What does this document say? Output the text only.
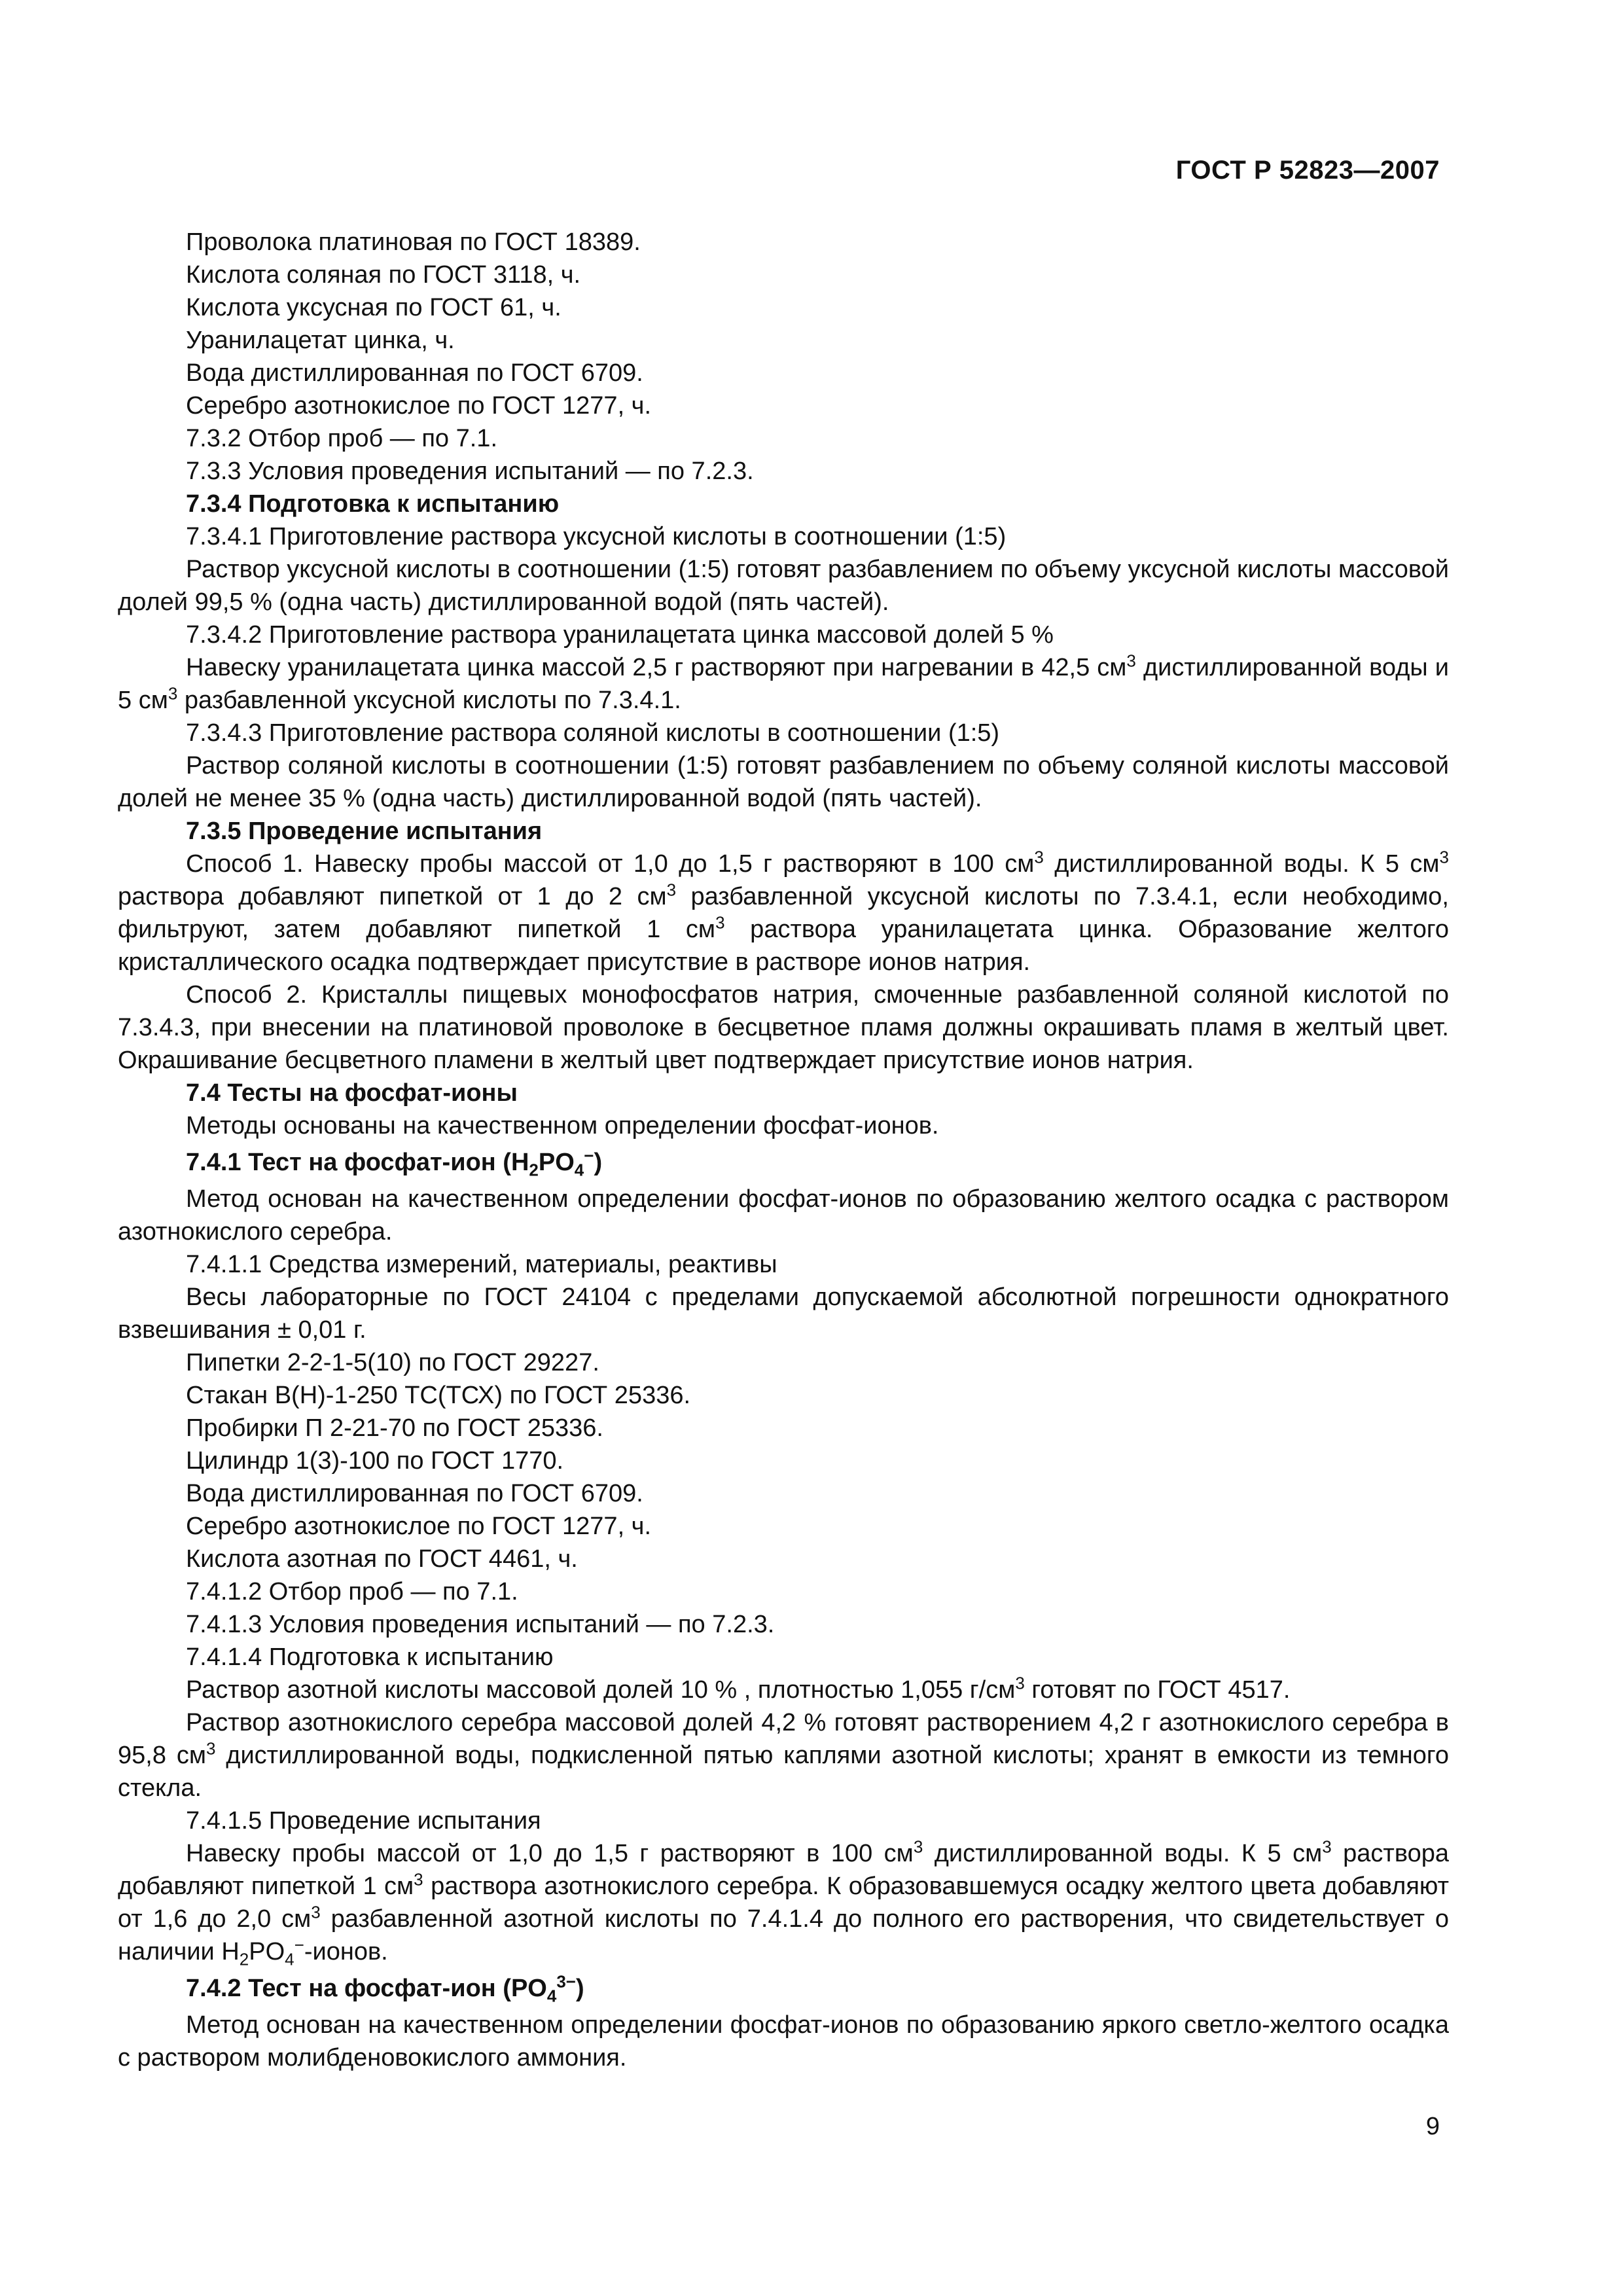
ГОСТ Р 52823—2007

Проволока платиновая по ГОСТ 18389.

Кислота соляная по ГОСТ 3118, ч.

Кислота уксусная по ГОСТ 61, ч.

Уранилацетат цинка, ч.

Вода дистиллированная по ГОСТ 6709.

Серебро азотнокислое по ГОСТ 1277, ч.

7.3.2 Отбор проб — по 7.1.

7.3.3 Условия проведения испытаний — по 7.2.3.

7.3.4 Подготовка к испытанию

7.3.4.1 Приготовление раствора уксусной кислоты в соотношении (1:5)

Раствор уксусной кислоты в соотношении (1:5) готовят разбавлением по объему уксусной кислоты массовой долей 99,5 % (одна часть) дистиллированной водой (пять частей).

7.3.4.2 Приготовление раствора уранилацетата цинка массовой долей 5 %

Навеску уранилацетата цинка массой 2,5 г растворяют при нагревании в 42,5 $см^3$ дистиллированной воды и 5 $см^3$ разбавленной уксусной кислоты по 7.3.4.1.

7.3.4.3 Приготовление раствора соляной кислоты в соотношении (1:5)

Раствор соляной кислоты в соотношении (1:5) готовят разбавлением по объему соляной кислоты массовой долей не менее 35 % (одна часть) дистиллированной водой (пять частей).

7.3.5 Проведение испытания

Способ 1. Навеску пробы массой от 1,0 до 1,5 г растворяют в 100 $см^3$ дистиллированной воды. К 5 $см^3$ раствора добавляют пипеткой от 1 до 2 $см^3$ разбавленной уксусной кислоты по 7.3.4.1, если необходимо, фильтруют, затем добавляют пипеткой 1 $см^3$ раствора уранилацетата цинка. Образование желтого кристаллического осадка подтверждает присутствие в растворе ионов натрия.

Способ 2. Кристаллы пищевых монофосфатов натрия, смоченные разбавленной соляной кислотой по 7.3.4.3, при внесении на платиновой проволоке в бесцветное пламя должны окрашивать пламя в желтый цвет. Окрашивание бесцветного пламени в желтый цвет подтверждает присутствие ионов натрия.

7.4 Тесты на фосфат-ионы

Методы основаны на качественном определении фосфат-ионов.

7.4.1 Тест на фосфат-ион $(H_2PO_4^-)$

Метод основан на качественном определении фосфат-ионов по образованию желтого осадка с раствором азотнокислого серебра.

7.4.1.1 Средства измерений, материалы, реактивы

Весы лабораторные по ГОСТ 24104 с пределами допускаемой абсолютной погрешности однократного взвешивания ± 0,01 г.

Пипетки 2-2-1-5(10) по ГОСТ 29227.

Стакан В(Н)-1-250 ТС(ТСХ) по ГОСТ 25336.

Пробирки П 2-21-70 по ГОСТ 25336.

Цилиндр 1(3)-100 по ГОСТ 1770.

Вода дистиллированная по ГОСТ 6709.

Серебро азотнокислое по ГОСТ 1277, ч.

Кислота азотная по ГОСТ 4461, ч.

7.4.1.2 Отбор проб — по 7.1.

7.4.1.3 Условия проведения испытаний — по 7.2.3.

7.4.1.4 Подготовка к испытанию

Раствор азотной кислоты массовой долей 10 % , плотностью 1,055 $г/см^3$ готовят по ГОСТ 4517.

Раствор азотнокислого серебра массовой долей 4,2 % готовят растворением 4,2 г азотнокислого серебра в 95,8 $см^3$ дистиллированной воды, подкисленной пятью каплями азотной кислоты; хранят в емкости из темного стекла.

7.4.1.5 Проведение испытания

Навеску пробы массой от 1,0 до 1,5 г растворяют в 100 $см^3$ дистиллированной воды. К 5 $см^3$ раствора добавляют пипеткой 1 $см^3$ раствора азотнокислого серебра. К образовавшемуся осадку желтого цвета добавляют от 1,6 до 2,0 $см^3$ разбавленной азотной кислоты по 7.4.1.4 до полного его растворения, что свидетельствует о наличии $H_2PO_4^-$-ионов.

7.4.2 Тест на фосфат-ион $(PO_4^{3-})$

Метод основан на качественном определении фосфат-ионов по образованию яркого светло-желтого осадка с раствором молибденовокислого аммония.

9
